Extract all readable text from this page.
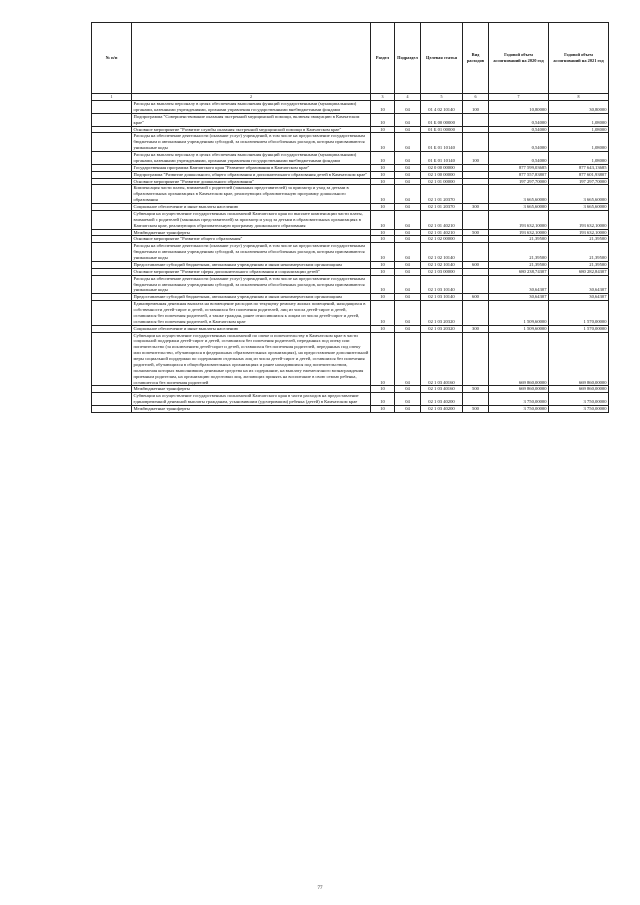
№ п/п		Раздел	Подраздел	Целевая статья	Вид расходов	Годовой объем ассигнований на 2020 год	Годовой объем ассигнований на 2021 год
1	2	3	4	5	6	7	8
	Расходы на выплаты персоналу в целях обеспечения выполнения функций государственными (муниципальными) органами, казенными учреждениями, органами управления государственными внебюджетными фондами	10	04	01 4 02 10140	100	10,80000	30,80000
	Подпрограмма "Совершенствование оказания экстренной медицинской помощи, включая эвакуацию в Камчатском крае"	10	04	01 Б 00 00000		0,54000	1,08000
	Основное мероприятие "Развитие службы оказания экстренной медицинской помощи в Камчатском крае"	10	04	01 Б 01 00000		0,54000	1,08000
	Расходы на обеспечение деятельности (оказание услуг) учреждений, в том числе на предоставление государственным бюджетным и автономным учреждениям субсидий, за исключением обособленных расходов, которым присваиваются уникальные коды	10	04	01 Б 01 10140		0,54000	1,08000
	Расходы на выплаты персоналу в целях обеспечения выполнения функций государственными (муниципальными) органами, казенными учреждениями, органами управления государственными внебюджетными фондами	10	04	01 Б 01 10140	100	0,54000	1,08000
	Государственная программа Камчатского края "Развитие образования в Камчатском крае"	10	04	02 0 00 00000		877 599,03685	877 643,13685
	Подпрограмма "Развитие дошкольного, общего образования и дополнительного образования детей в Камчатском крае"	10	04	02 1 00 00000		877 557,83807	877 601,93807
	Основное мероприятие "Развитие дошкольного образования"	10	04	02 1 01 00000		197 297,70000	197 297,70000
	Компенсация части платы, взимаемой с родителей (законных представителей) за присмотр и уход за детьми в образовательных организациях в Камчатском крае, реализующих образовательную программу дошкольного образования	10	04	02 1 01 20370		3 665,60000	3 665,60000
	Социальное обеспечение и иные выплаты населению	10	04	02 1 01 20370	300	3 665,60000	3 665,60000
	Субвенции на осуществление государственных полномочий Камчатского края по выплате компенсации части платы, взимаемой с родителей (законных представителей) за присмотр и уход за детьми в образовательных организациях в Камчатском крае, реализующих образовательную программу дошкольного образования	10	04	02 1 01 40210		193 632,10000	193 632,10000
	Межбюджетные трансферты	10	04	02 1 01 40210	500	193 632,10000	193 632,10000
	Основное мероприятие "Развитие общего образования"	10	04	02 1 02 00000		21,39500	21,39500
	Расходы на обеспечение деятельности (оказание услуг) учреждений, в том числе на предоставление государственным бюджетным и автономным учреждениям субсидий, за исключением обособленных расходов, которым присваиваются уникальные коды	10	04	02 1 02 10140		21,39500	21,39500
	Предоставление субсидий бюджетным, автономным учреждениям и иным некоммерческим организациям	10	04	02 1 02 10140	600	21,39500	21,39500
	Основное мероприятие "Развитие сферы дополнительного образования и социализации детей"	10	04	02 1 03 00000		680 238,74307	680 282,84307
	Расходы на обеспечение деятельности (оказание услуг) учреждений, в том числе на предоставление государственным бюджетным и автономным учреждениям субсидий, за исключением обособленных расходов, которым присваиваются уникальные коды	10	04	02 1 03 10140		30,64307	30,64307
	Предоставление субсидий бюджетным, автономным учреждениям и иным некоммерческим организациям	10	04	02 1 03 10140	600	30,64307	30,64307
	Единовременная денежная выплата на возмещение расходов по текущему ремонту жилых помещений, находящихся в собственности детей-сирот и детей, оставшихся без попечения родителей, лиц из числа детей-сирот и детей, оставшихся без попечения родителей, а также граждан, ранее относившихся к лицам из числа детей-сирот и детей, оставшихся без попечения родителей, в Камчатском крае	10	04	02 1 03 20320		1 509,60000	1 570,00000
	Социальное обеспечение и иные выплаты населению	10	04	02 1 03 20320	300	1 509,60000	1 570,00000
	Субвенции на осуществление государственных полномочий по опеке и попечительству в Камчатском крае в части социальной поддержки детей-сирот и детей, оставшихся без попечения родителей, переданных под опеку или попечительство (за исключением детей-сирот и детей, оставшихся без попечения родителей, переданных под опеку или попечительство, обучающихся в федеральных образовательных организациях), на предоставление дополнительной меры социальной поддержки по содержанию отдельных лиц из числа детей-сирот и детей, оставшихся без попечения родителей, обучающихся в общеобразовательных организациях и ранее находившихся под попечительством, полномочия которых выполнивших денежные средства на их содержание, на выплату ежемесячного вознаграждения приемным родителям, на организацию подготовки лиц, желающих принять на воспитание в свою семью ребенка, оставшегося без попечения родителей	10	04	02 1 03 40160		669 860,00000	669 860,00000
	Межбюджетные трансферты	10	04	02 1 03 40160	500	669 860,00000	669 860,00000
	Субвенции на осуществление государственных полномочий Камчатского края в части расходов на предоставление единовременной денежной выплаты гражданам, усыновившим (удочерившим) ребенка (детей) в Камчатском крае	10	04	02 1 03 40200		3 750,00000	3 750,00000
	Межбюджетные трансферты	10	04	02 1 03 40200	500	3 750,00000	3 750,00000
77
